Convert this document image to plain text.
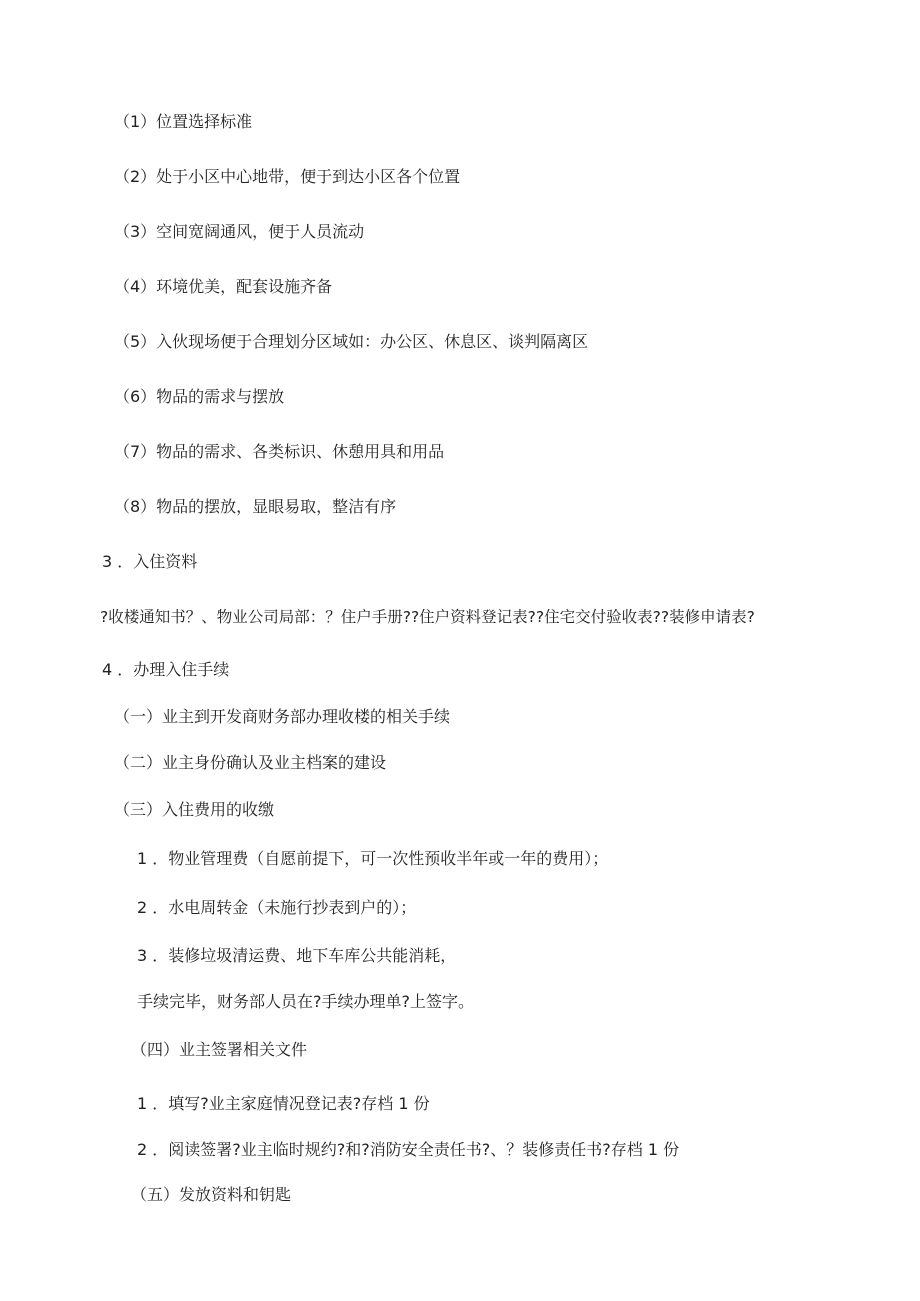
（1）位置选择标准
（2）处于小区中心地带，便于到达小区各个位置
（3）空间宽阔通风，便于人员流动
（4）环境优美，配套设施齐备
（5）入伙现场便于合理划分区域如：办公区、休息区、谈判隔离区
（6）物品的需求与摆放
（7）物品的需求、各类标识、休憩用具和用品
（8）物品的摆放，显眼易取，整洁有序
3 ．入住资料
?收楼通知书？、物业公司局部：？住户手册??住户资料登记表??住宅交付验收表??装修申请表?
4 ．办理入住手续
（一）业主到开发商财务部办理收楼的相关手续
（二）业主身份确认及业主档案的建设
（三）入住费用的收缴
1 ．物业管理费（自愿前提下，可一次性预收半年或一年的费用）；
2 ．水电周转金（未施行抄表到户的）；
3 ．装修垃圾清运费、地下车库公共能消耗，
手续完毕，财务部人员在?手续办理单?上签字。
（四）业主签署相关文件
1 ．填写?业主家庭情况登记表?存档 1 份
2 ．阅读签署?业主临时规约?和?消防安全责任书?、？装修责任书?存档 1 份
（五）发放资料和钥匙
